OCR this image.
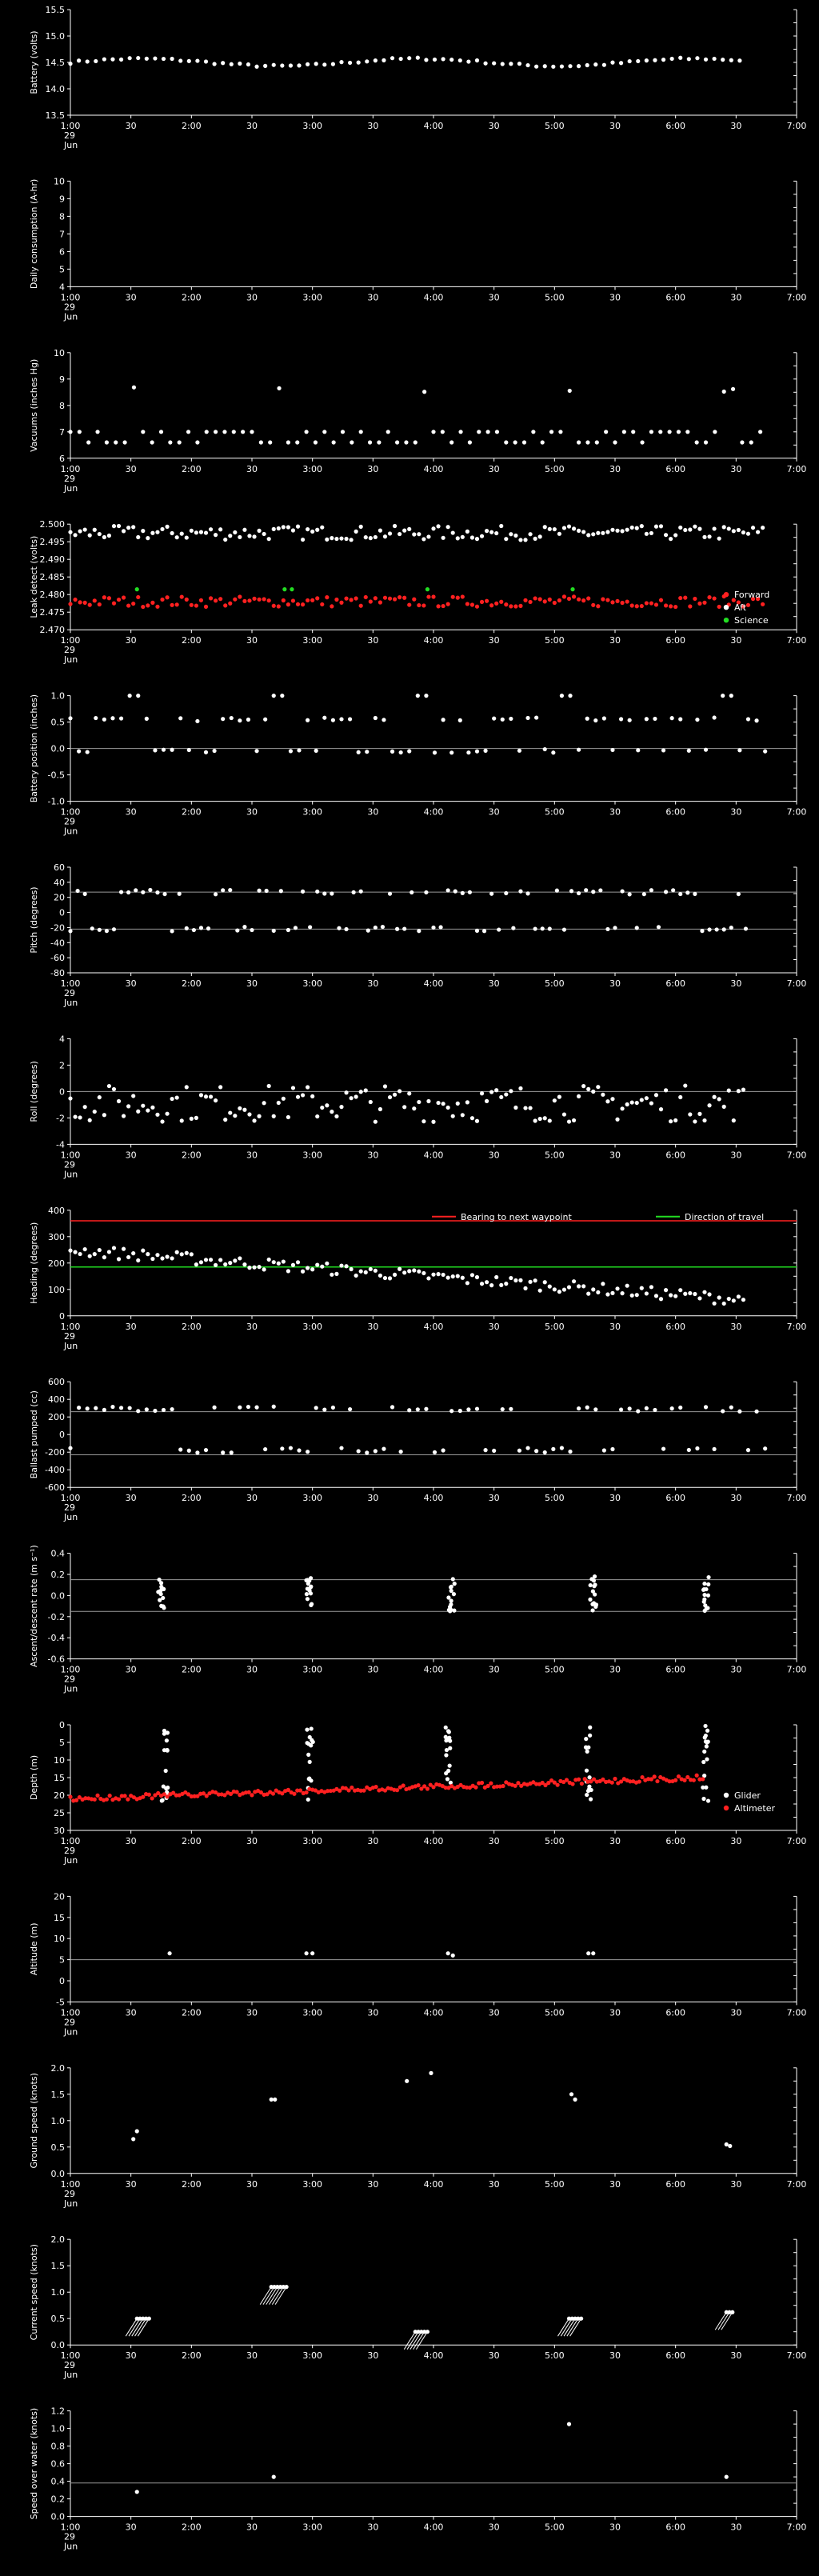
13.5
14.0
14.5
15.0
15.5
Battery (volts)
1:00
29
Jun
30	2:00	30	3:00	30	4:00	30	5:00	30	6:00	30	7:00
4
5
6
7
8
9
10
Daily consumption (A-hr)
1:00
29
Jun
30	2:00	30	3:00	30	4:00	30	5:00	30	6:00	30	7:00
6
7
8
9
10
Vacuums (inches Hg)
1:00
29
Jun
30	2:00	30	3:00	30	4:00	30	5:00	30	6:00	30	7:00
2.470
2.475
2.480
2.485
2.490
2.495
2.500
Leak detect (volts)
1:00
29
Jun
30	2:00	30	3:00	30	4:00	30	5:00	30	6:00	30	7:00
Forward
Aft
Science
-1.0
-0.5
0.0
0.5
1.0
Battery position (inches)
1:00
29
Jun
30	2:00	30	3:00	30	4:00	30	5:00	30	6:00	30	7:00
-80
-60
-40
-20
0
20
40
60
Pitch (degrees)
1:00
29
Jun
30	2:00	30	3:00	30	4:00	30	5:00	30	6:00	30	7:00
-4
-2
0
2
4
Roll (degrees)
1:00
29
Jun
30	2:00	30	3:00	30	4:00	30	5:00	30	6:00	30	7:00
0
100
200
300
400
Heading (degrees)
1:00
29
Jun
30	2:00	30	3:00	30	4:00	30	5:00	30	6:00	30	7:00
Bearing to next waypoint	Direction of travel
-600
-400
-200
0
200
400
600
Ballast pumped (cc)
1:00
29
Jun
30	2:00	30	3:00	30	4:00	30	5:00	30	6:00	30	7:00
-0.6
-0.4
-0.2
0.0
0.2
0.4
Ascent/descent rate (m s⁻¹)
1:00
29
Jun
30	2:00	30	3:00	30	4:00	30	5:00	30	6:00	30	7:00
0
5
10
15
20
25
30
Depth (m)
1:00
29
Jun
30	2:00	30	3:00	30	4:00	30	5:00	30	6:00	30	7:00
Glider
Altimeter
-5
0
5
10
15
20
Altitude (m)
1:00
29
Jun
30	2:00	30	3:00	30	4:00	30	5:00	30	6:00	30	7:00
0.0
0.5
1.0
1.5
2.0
Ground speed (knots)
1:00
29
Jun
30	2:00	30	3:00	30	4:00	30	5:00	30	6:00	30	7:00
0.0
0.5
1.0
1.5
2.0
Current speed (knots)
1:00
29
Jun
30	2:00	30	3:00	30	4:00	30	5:00	30	6:00	30	7:00
0.0
0.2
0.4
0.6
0.8
1.0
1.2
Speed over water (knots)
1:00
29
Jun
30	2:00	30	3:00	30	4:00	30	5:00	30	6:00	30	7:00
